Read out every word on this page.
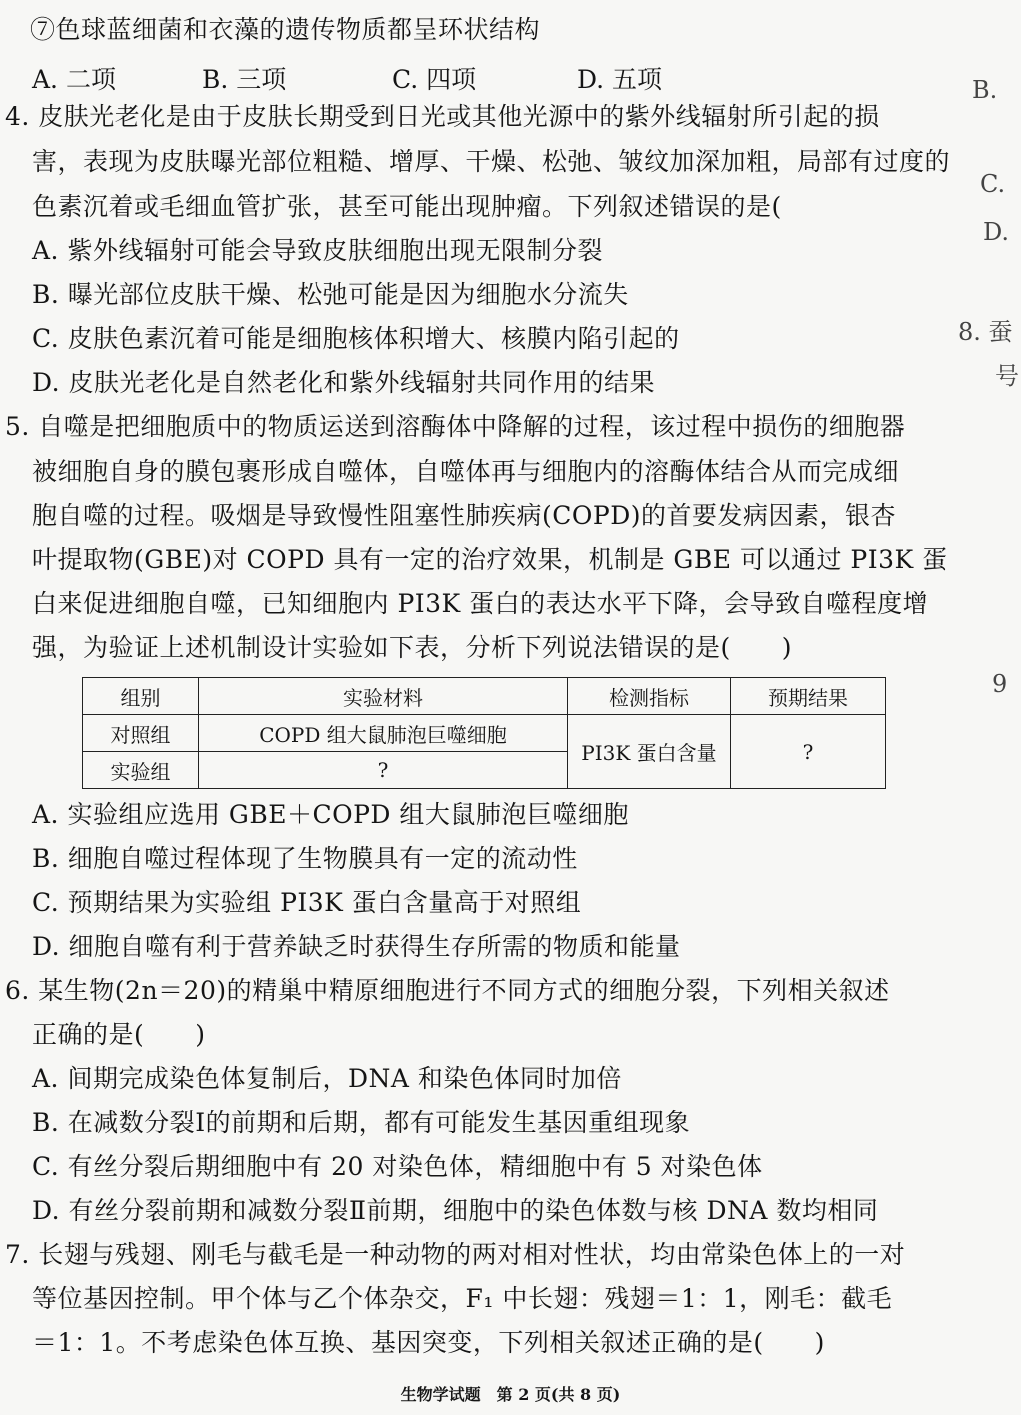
⑦色球蓝细菌和衣藻的遗传物质都呈环状结构
A. 二项	B. 三项	C. 四项	D. 五项
4. 皮肤光老化是由于皮肤长期受到日光或其他光源中的紫外线辐射所引起的损
害，表现为皮肤曝光部位粗糙、增厚、干燥、松弛、皱纹加深加粗，局部有过度的
色素沉着或毛细血管扩张，甚至可能出现肿瘤。下列叙述错误的是(
A. 紫外线辐射可能会导致皮肤细胞出现无限制分裂
B. 曝光部位皮肤干燥、松弛可能是因为细胞水分流失
C. 皮肤色素沉着可能是细胞核体积增大、核膜内陷引起的
D. 皮肤光老化是自然老化和紫外线辐射共同作用的结果
5. 自噬是把细胞质中的物质运送到溶酶体中降解的过程，该过程中损伤的细胞器
被细胞自身的膜包裹形成自噬体，自噬体再与细胞内的溶酶体结合从而完成细
胞自噬的过程。吸烟是导致慢性阻塞性肺疾病(COPD)的首要发病因素，银杏
叶提取物(GBE)对 COPD 具有一定的治疗效果，机制是 GBE 可以通过 PI3K 蛋
白来促进细胞自噬，已知细胞内 PI3K 蛋白的表达水平下降，会导致自噬程度增
强，为验证上述机制设计实验如下表，分析下列说法错误的是(　　)
组别	实验材料	检测指标	预期结果
对照组	COPD 组大鼠肺泡巨噬细胞	PI3K 蛋白含量	?
实验组	?		
A. 实验组应选用 GBE＋COPD 组大鼠肺泡巨噬细胞
B. 细胞自噬过程体现了生物膜具有一定的流动性
C. 预期结果为实验组 PI3K 蛋白含量高于对照组
D. 细胞自噬有利于营养缺乏时获得生存所需的物质和能量
6. 某生物(2n＝20)的精巢中精原细胞进行不同方式的细胞分裂，下列相关叙述
正确的是(　　)
A. 间期完成染色体复制后，DNA 和染色体同时加倍
B. 在减数分裂Ⅰ的前期和后期，都有可能发生基因重组现象
C. 有丝分裂后期细胞中有 20 对染色体，精细胞中有 5 对染色体
D. 有丝分裂前期和减数分裂Ⅱ前期，细胞中的染色体数与核 DNA 数均相同
7. 长翅与残翅、刚毛与截毛是一种动物的两对相对性状，均由常染色体上的一对
等位基因控制。甲个体与乙个体杂交，F₁ 中长翅：残翅＝1：1，刚毛：截毛
＝1：1。不考虑染色体互换、基因突变，下列相关叙述正确的是(　　)
B.
C.
D.
8. 蚕
号
9
生物学试题　第 2 页(共 8 页)
